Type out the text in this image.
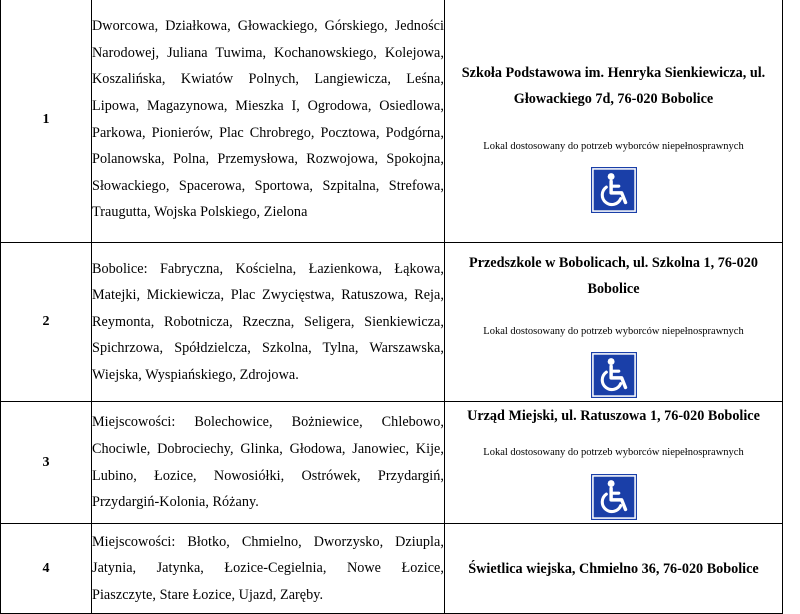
1	Dworcowa, Działkowa, Głowackiego, Górskiego, Jedności Narodowej, Juliana Tuwima, Kochanowskiego, Kolejowa, Koszalińska, Kwiatów Polnych, Langiewicza, Leśna, Lipowa, Magazynowa, Mieszka I, Ogrodowa, Osiedlowa, Parkowa, Pionierów, Plac Chrobrego, Pocztowa, Podgórna, Polanowska, Polna, Przemysłowa, Rozwojowa, Spokojna, Słowackiego, Spacerowa, Sportowa, Szpitalna, Strefowa, Traugutta, Wojska Polskiego, Zielona	Szkoła Podstawowa im. Henryka Sienkiewicza, ul. Głowackiego 7d, 76-020 Bobolice
Lokal dostosowany do potrzeb wyborców niepełnosprawnych

2	Bobolice: Fabryczna, Kościelna, Łazienkowa, Łąkowa, Matejki, Mickiewicza, Plac Zwycięstwa, Ratuszowa, Reja, Reymonta, Robotnicza, Rzeczna, Seligera, Sienkiewicza, Spichrzowa, Spółdzielcza, Szkolna, Tylna, Warszawska, Wiejska, Wyspiańskiego, Zdrojowa.	Przedszkole w Bobolicach, ul. Szkolna 1, 76-020 Bobolice
Lokal dostosowany do potrzeb wyborców niepełnosprawnych

3	Miejscowości: Bolechowice, Bożniewice, Chlebowo, Chociwle, Dobrociechy, Glinka, Głodowa, Janowiec, Kije, Lubino, Łozice, Nowosiółki, Ostrówek, Przydargiń, Przydargiń-Kolonia, Różany.	Urząd Miejski, ul. Ratuszowa 1, 76-020 Bobolice
Lokal dostosowany do potrzeb wyborców niepełnosprawnych

4	Miejscowości: Błotko, Chmielno, Dworzysko, Dziupla, Jatynia, Jatynka, Łozice-Cegielnia, Nowe Łozice, Piaszczyte, Stare Łozice, Ujazd, Zaręby.	Świetlica wiejska, Chmielno 36, 76-020 Bobolice
